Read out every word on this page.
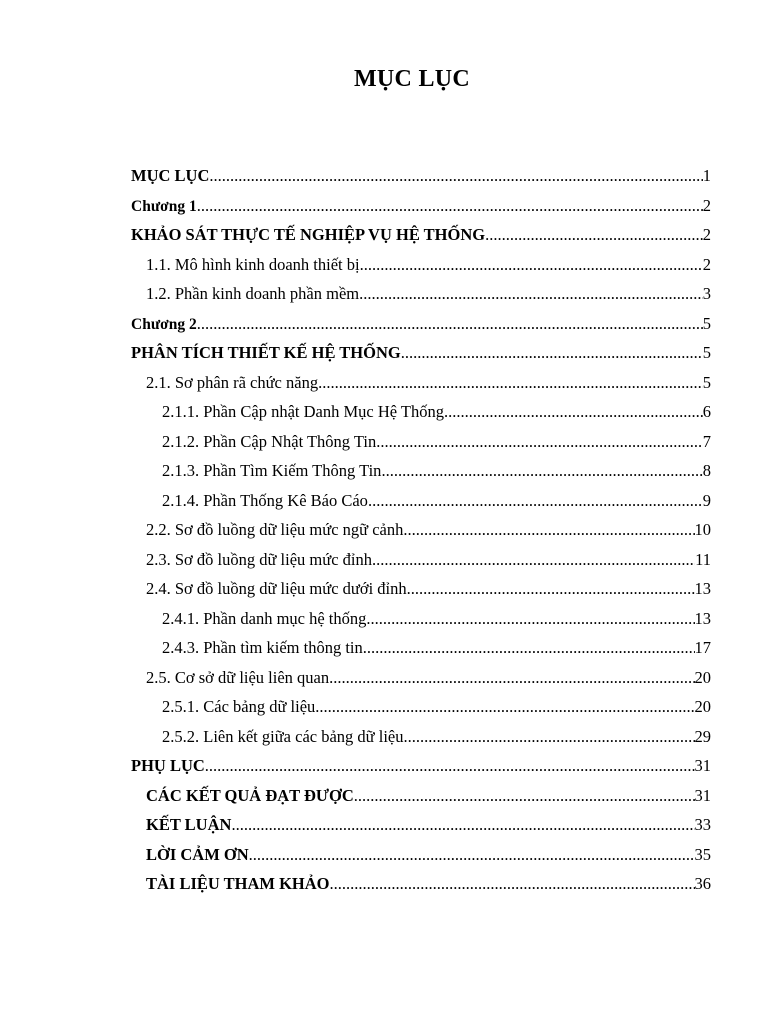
MỤC LỤC
MỤC LỤC .....	1
Chương 1 .....	2
KHẢO SÁT THỰC TẾ NGHIỆP VỤ HỆ THỐNG .....	2
1.1. Mô hình kinh doanh thiết bị .....	2
1.2. Phần kinh doanh phần mềm .....	3
Chương 2 .....	5
PHÂN TÍCH THIẾT KẾ HỆ THỐNG .....	5
2.1. Sơ phân rã chức năng .....	5
2.1.1. Phần Cập nhật Danh Mục Hệ Thống .....	6
2.1.2. Phần Cập Nhật Thông Tin .....	7
2.1.3. Phần Tìm Kiếm Thông Tin .....	8
2.1.4. Phần Thống Kê Báo Cáo .....	9
2.2. Sơ đồ luồng dữ liệu mức ngữ cảnh .....	10
2.3. Sơ đồ luồng dữ liệu mức đỉnh .....	11
2.4. Sơ đồ luồng dữ liệu mức dưới đỉnh .....	13
2.4.1. Phần danh mục hệ thống .....	13
2.4.3. Phần tìm kiếm thông tin .....	17
2.5. Cơ sở dữ liệu liên quan .....	20
2.5.1. Các bảng dữ liệu .....	20
2.5.2. Liên kết giữa các bảng dữ liệu .....	29
PHỤ LỤC .....	31
CÁC KẾT QUẢ ĐẠT ĐƯỢC .....	31
KẾT LUẬN .....	33
LỜI CẢM ƠN .....	35
TÀI LIỆU THAM KHẢO .....	36
